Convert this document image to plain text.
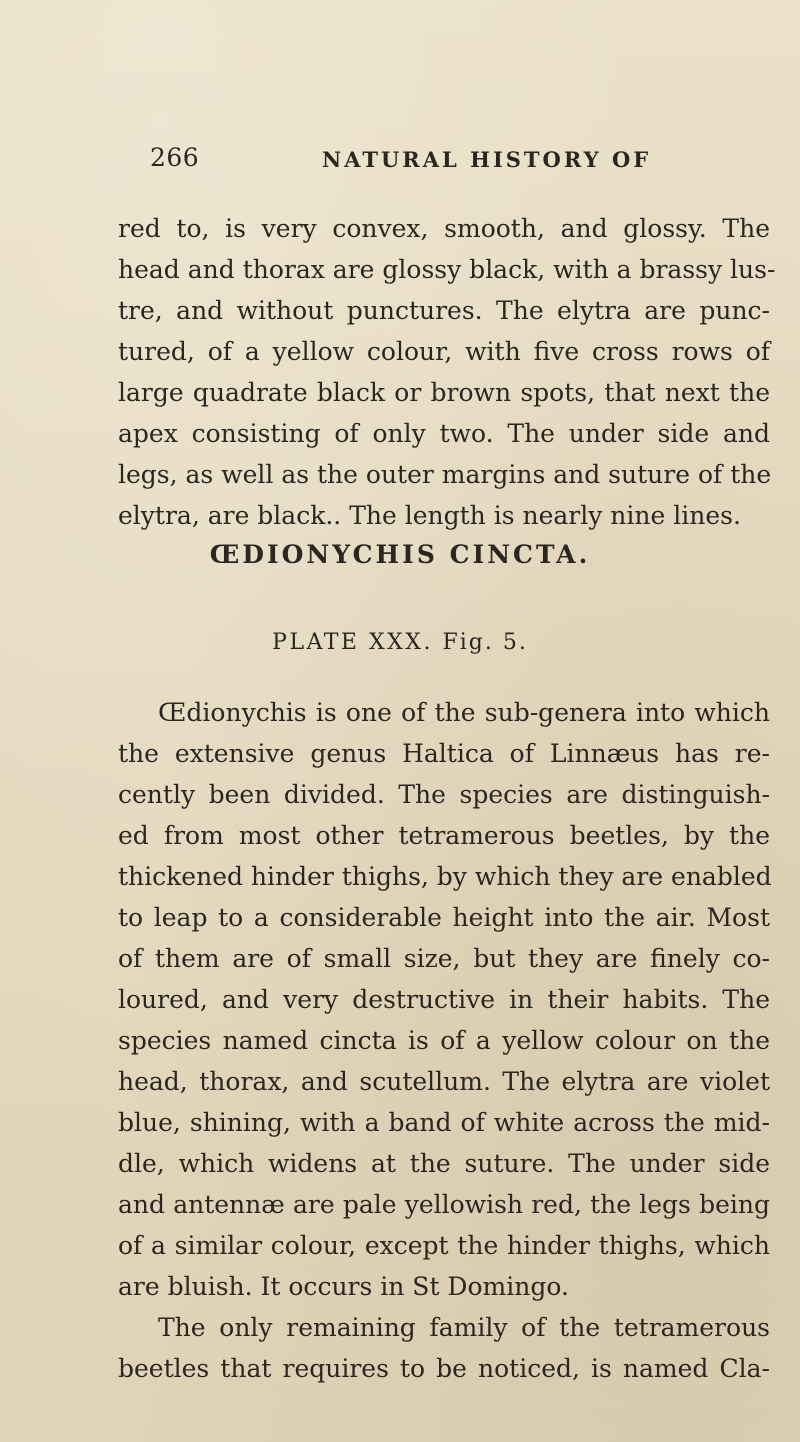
266	NATURAL HISTORY OF
red to, is very convex, smooth, and glossy. The
head and thorax are glossy black, with a brassy lus-
tre, and without punctures. The elytra are punc-
tured, of a yellow colour, with five cross rows of
large quadrate black or brown spots, that next the
apex consisting of only two. The under side and
legs, as well as the outer margins and suture of the
elytra, are black.. The length is nearly nine lines.
ŒDIONYCHIS CINCTA.
PLATE XXX. Fig. 5.
Œdionychis is one of the sub-genera into which
the extensive genus Haltica of Linnæus has re-
cently been divided. The species are distinguish-
ed from most other tetramerous beetles, by the
thickened hinder thighs, by which they are enabled
to leap to a considerable height into the air. Most
of them are of small size, but they are finely co-
loured, and very destructive in their habits. The
species named cincta is of a yellow colour on the
head, thorax, and scutellum. The elytra are violet
blue, shining, with a band of white across the mid-
dle, which widens at the suture. The under side
and antennæ are pale yellowish red, the legs being
of a similar colour, except the hinder thighs, which
are bluish. It occurs in St Domingo.
The only remaining family of the tetramerous
beetles that requires to be noticed, is named Cla-
